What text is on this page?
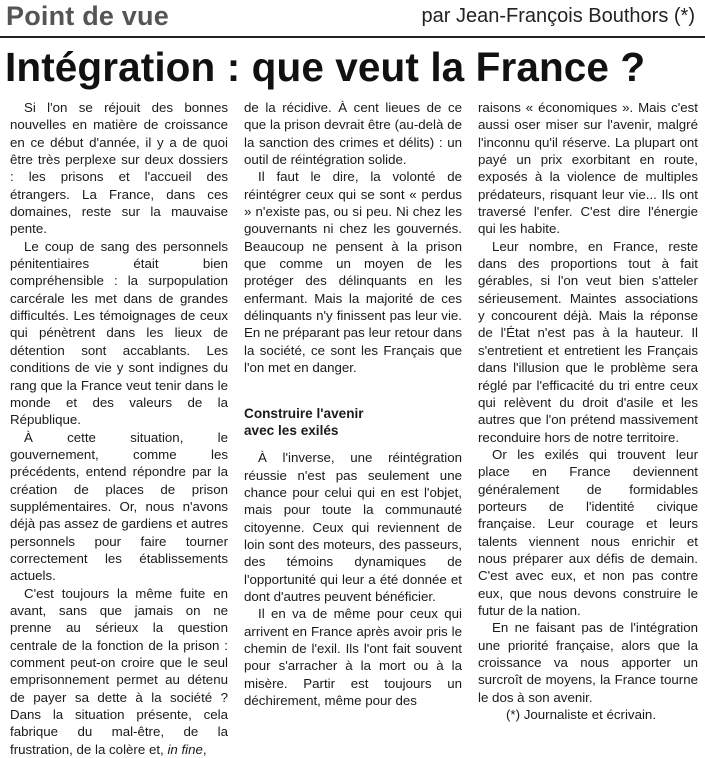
Point de vue	par Jean-François Bouthors (*)
Intégration : que veut la France ?

Si l'on se réjouit des bonnes nouvelles en matière de croissance en ce début d'année, il y a de quoi être très perplexe sur deux dossiers : les prisons et l'accueil des étrangers. La France, dans ces domaines, reste sur la mauvaise pente.

Le coup de sang des personnels pénitentiaires était bien compréhensible : la surpopulation carcérale les met dans de grandes difficultés. Les témoignages de ceux qui pénètrent dans les lieux de détention sont accablants. Les conditions de vie y sont indignes du rang que la France veut tenir dans le monde et des valeurs de la République.

À cette situation, le gouvernement, comme les précédents, entend répondre par la création de places de prison supplémentaires. Or, nous n'avons déjà pas assez de gardiens et autres personnels pour faire tourner correctement les établissements actuels.

C'est toujours la même fuite en avant, sans que jamais on ne prenne au sérieux la question centrale de la fonction de la prison : comment peut-on croire que le seul emprisonnement permet au détenu de payer sa dette à la société ? Dans la situation présente, cela fabrique du mal-être, de la frustration, de la colère et, in fine,

de la récidive. À cent lieues de ce que la prison devrait être (au-delà de la sanction des crimes et délits) : un outil de réintégration solide.

Il faut le dire, la volonté de réintégrer ceux qui se sont « perdus » n'existe pas, ou si peu. Ni chez les gouvernants ni chez les gouvernés. Beaucoup ne pensent à la prison que comme un moyen de les protéger des délinquants en les enfermant. Mais la majorité de ces délinquants n'y finissent pas leur vie. En ne préparant pas leur retour dans la société, ce sont les Français que l'on met en danger.

Construire l'avenir
avec les exilés

À l'inverse, une réintégration réussie n'est pas seulement une chance pour celui qui en est l'objet, mais pour toute la communauté citoyenne. Ceux qui reviennent de loin sont des moteurs, des passeurs, des témoins dynamiques de l'opportunité qui leur a été donnée et dont d'autres peuvent bénéficier.

Il en va de même pour ceux qui arrivent en France après avoir pris le chemin de l'exil. Ils l'ont fait souvent pour s'arracher à la mort ou à la misère. Partir est toujours un déchirement, même pour des

raisons « économiques ». Mais c'est aussi oser miser sur l'avenir, malgré l'inconnu qu'il réserve. La plupart ont payé un prix exorbitant en route, exposés à la violence de multiples prédateurs, risquant leur vie... Ils ont traversé l'enfer. C'est dire l'énergie qui les habite.

Leur nombre, en France, reste dans des proportions tout à fait gérables, si l'on veut bien s'atteler sérieusement. Maintes associations y concourent déjà. Mais la réponse de l'État n'est pas à la hauteur. Il s'entretient et entretient les Français dans l'illusion que le problème sera réglé par l'efficacité du tri entre ceux qui relèvent du droit d'asile et les autres que l'on prétend massivement reconduire hors de notre territoire.

Or les exilés qui trouvent leur place en France deviennent généralement de formidables porteurs de l'identité civique française. Leur courage et leurs talents viennent nous enrichir et nous préparer aux défis de demain. C'est avec eux, et non pas contre eux, que nous devons construire le futur de la nation.

En ne faisant pas de l'intégration une priorité française, alors que la croissance va nous apporter un surcroît de moyens, la France tourne le dos à son avenir.

(*) Journaliste et écrivain.
